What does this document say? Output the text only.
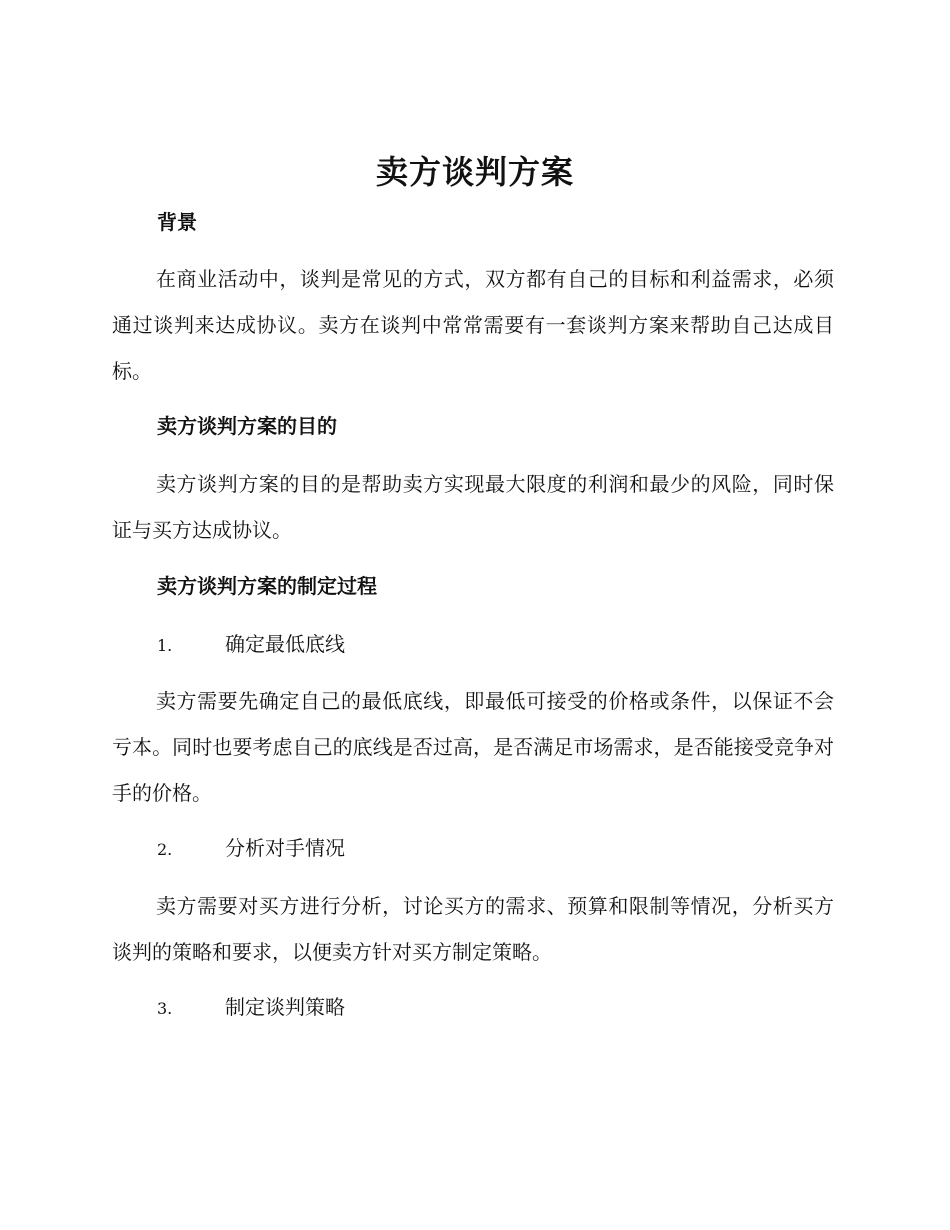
卖方谈判方案
背景
在商业活动中，谈判是常见的方式，双方都有自己的目标和利益需求，必须通过谈判来达成协议。卖方在谈判中常常需要有一套谈判方案来帮助自己达成目标。
卖方谈判方案的目的
卖方谈判方案的目的是帮助卖方实现最大限度的利润和最少的风险，同时保证与买方达成协议。
卖方谈判方案的制定过程
1.	确定最低底线
卖方需要先确定自己的最低底线，即最低可接受的价格或条件，以保证不会亏本。同时也要考虑自己的底线是否过高，是否满足市场需求，是否能接受竞争对手的价格。
2.	分析对手情况
卖方需要对买方进行分析，讨论买方的需求、预算和限制等情况，分析买方谈判的策略和要求，以便卖方针对买方制定策略。
3.	制定谈判策略
